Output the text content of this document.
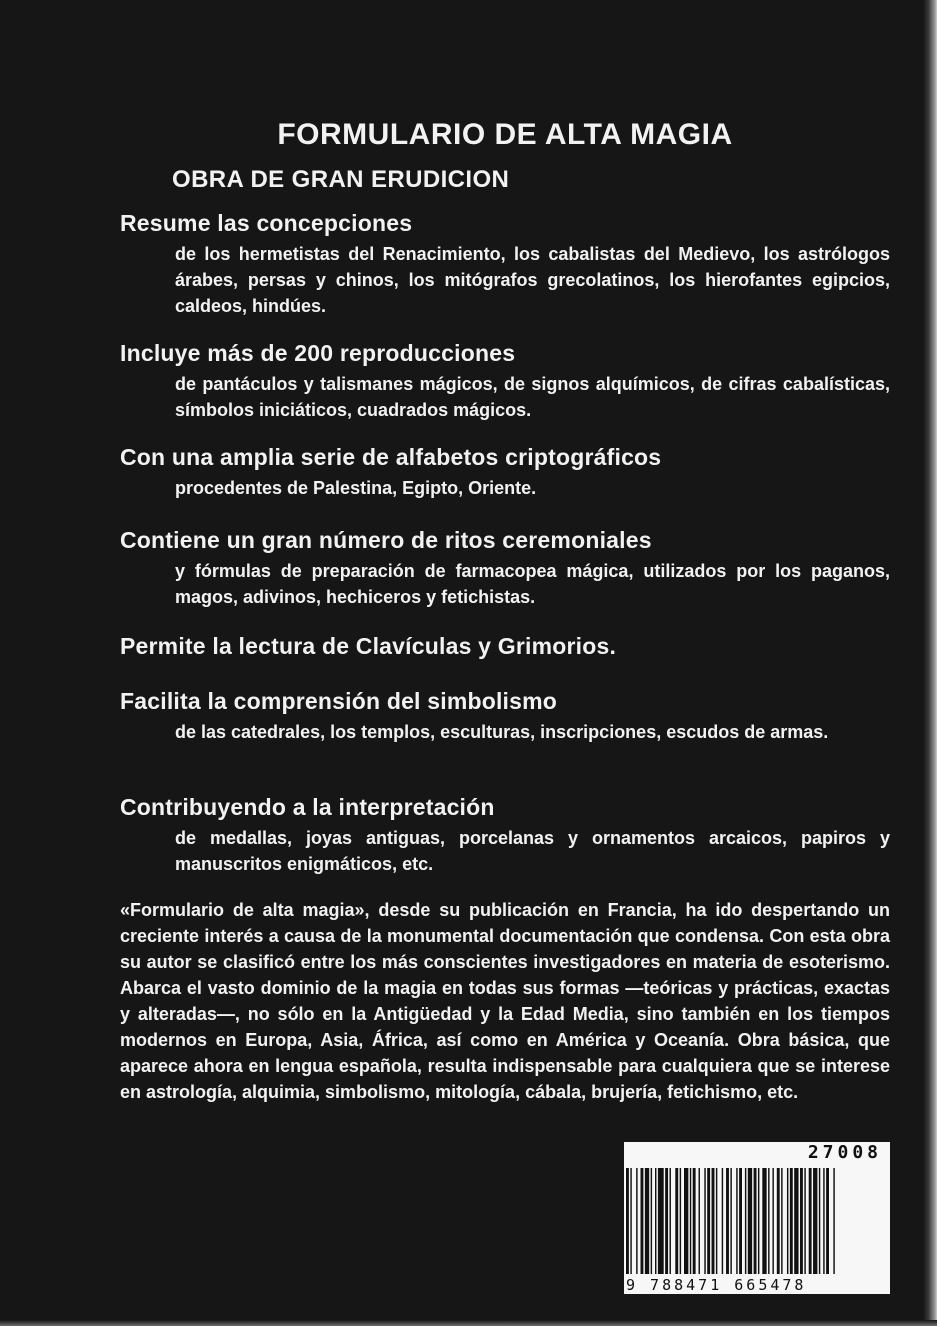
FORMULARIO DE ALTA MAGIA
OBRA DE GRAN ERUDICION
Resume las concepciones

de los hermetistas del Renacimiento, los cabalistas del Medievo, los astrólogos árabes, persas y chinos, los mitógrafos grecolatinos, los hierofantes egipcios, caldeos, hindúes.

Incluye más de 200 reproducciones

de pantáculos y talismanes mágicos, de signos alquímicos, de cifras cabalísticas, símbolos iniciáticos, cuadrados mágicos.

Con una amplia serie de alfabetos criptográficos

procedentes de Palestina, Egipto, Oriente.

Contiene un gran número de ritos ceremoniales

y fórmulas de preparación de farmacopea mágica, utilizados por los paganos, magos, adivinos, hechiceros y fetichistas.

Permite la lectura de Clavículas y Grimorios.
Facilita la comprensión del simbolismo

de las catedrales, los templos, esculturas, inscripciones, escudos de armas.

Contribuyendo a la interpretación

de medallas, joyas antiguas, porcelanas y ornamentos arcaicos, papiros y manuscritos enigmáticos, etc.

«Formulario de alta magia», desde su publicación en Francia, ha ido despertando un creciente interés a causa de la monumental documentación que condensa. Con esta obra su autor se clasificó entre los más conscientes investigadores en materia de esoterismo. Abarca el vasto dominio de la magia en todas sus formas —teóricas y prácticas, exactas y alteradas—, no sólo en la Antigüedad y la Edad Media, sino también en los tiempos modernos en Europa, Asia, África, así como en América y Oceanía. Obra básica, que aparece ahora en lengua española, resulta indispensable para cualquiera que se interese en astrología, alquimia, simbolismo, mitología, cábala, brujería, fetichismo, etc.

27008
9 788471 665478
